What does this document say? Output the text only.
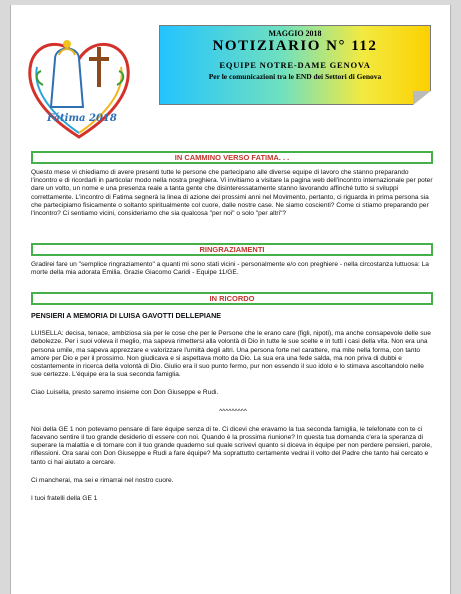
Fátima 2018
MAGGIO 2018
NOTIZIARIO N° 112
EQUIPE NOTRE-DAME GENOVA
Per le comunicazioni tra le END dei Settori di Genova
IN CAMMINO VERSO FATIMA. . .

Questo mese vi chiediamo di avere presenti tutte le persone che partecipano alle diverse equipe di lavoro che stanno preparando l'incontro e di ricordarli in particolar modo nella nostra preghiera. Vi invitiamo a visitare la pagina web dell'incontro internazionale per poter dare un volto, un nome e una presenza reale a tanta gente che disinteressatamente stanno lavorando affinché tutto si sviluppi correttamente. L'incontro di Fatima segnerà la linea di azione dei prossimi anni nel Movimento, pertanto, ci riguarda in prima persona sia che partecipiamo fisicamente o soltanto spiritualmente col cuore, dalle nostre case. Ne siamo coscienti? Come ci stiamo preparando per l'incontro? Ci sentiamo vicini, consideriamo che sia qualcosa "per noi" o solo "per altri"?

RINGRAZIAMENTI

Gradirei fare un "semplice ringraziamento" a quanti mi sono stati vicini - personalmente e/o con preghiere - nella circostanza luttuosa: La morte della mia adorata Emilia. Grazie Giacomo Caridi - Equipe 11/GE.

IN RICORDO

PENSIERI A MEMORIA DI LUISA GAVOTTI DELLEPIANE

LUISELLA: decisa, tenace, ambiziosa sia per le cose che per le Persone che le erano care (figli, nipoti), ma anche consapevole delle sue debolezze. Per i suoi voleva il meglio, ma sapeva rimettersi alla volontà di Dio in tutte le sue scelte e in tutti i casi della vita. Non era una persona umile, ma sapeva apprezzare e valorizzare l'umiltà degli altri. Una persona forte nel carattere, ma mite nella forma, con tanto amore per Dio e per il prossimo. Non giudicava e si aspettava molto da Dio. La sua era una fede salda, ma non priva di dubbi e costantemente in ricerca della volontà di Dio. Giulio era il suo punto fermo, pur non essendo il suo idolo e lo stimava ascoltandolo nelle sue certezze. L'équipe era la sua seconda famiglia.

Ciao Luisella, presto saremo insieme con Don Giuseppe e Rudi.

^^^^^^^^^

Noi della GE 1 non potevamo pensare di fare équipe senza di te. Ci dicevi che eravamo la tua seconda famiglia, le telefonate con te ci facevano sentire il tuo grande desiderio di essere con noi. Quando è la prossima riunione? In questa tua domanda c'era la speranza di superare la malattia e di tornare con il tuo grande quaderno sul quale scrivevi quanto si diceva in équipe per non perdere pensieri, parole, riflessioni. Ora sarai con Don Giuseppe e Rudi a fare équipe? Ma soprattutto certamente vedrai il volto del Padre che tanto hai cercato e tanto ci hai aiutato a cercare.

Ci mancherai, ma sei e rimarrai nel nostro cuore.

I tuoi fratelli della GE 1
